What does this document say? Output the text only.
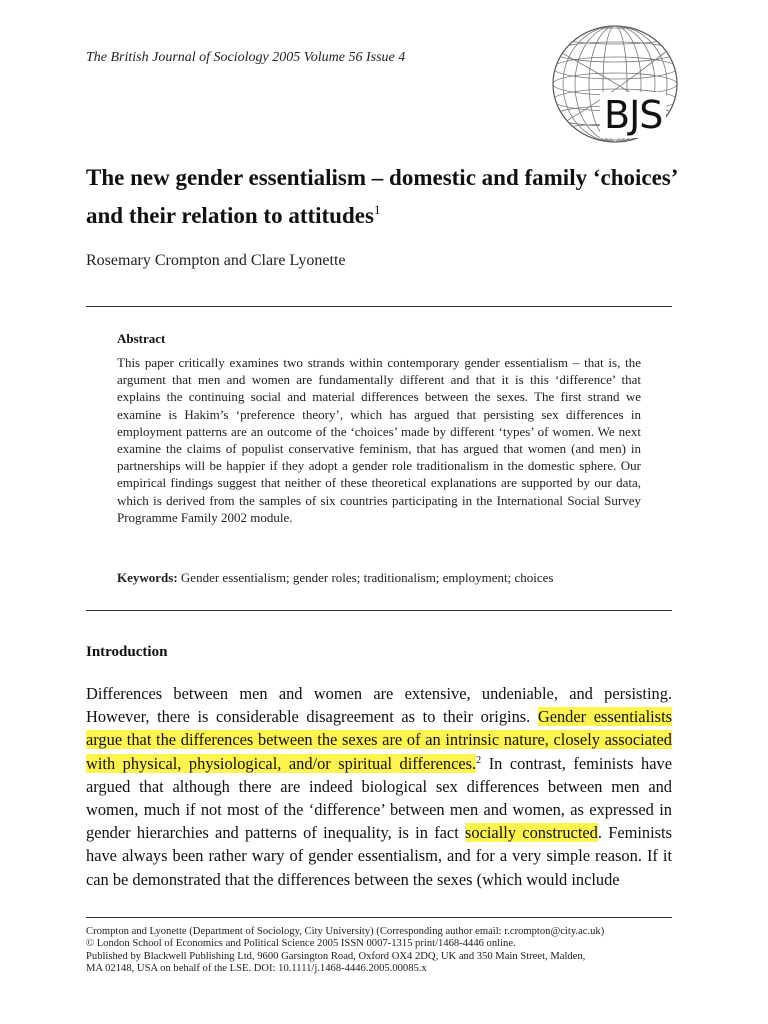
The British Journal of Sociology 2005 Volume 56 Issue 4
BJS
The new gender essentialism – domestic and family ‘choices’ and their relation to attitudes$^1$
Rosemary Crompton and Clare Lyonette
Abstract
This paper critically examines two strands within contemporary gender essentialism – that is, the argument that men and women are fundamentally different and that it is this ‘difference’ that explains the continuing social and material differences between the sexes. The first strand we examine is Hakim’s ‘preference theory’, which has argued that persisting sex differences in employment patterns are an outcome of the ‘choices’ made by different ‘types’ of women. We next examine the claims of populist conservative feminism, that has argued that women (and men) in partnerships will be happier if they adopt a gender role traditionalism in the domestic sphere. Our empirical findings suggest that neither of these theoretical explanations are supported by our data, which is derived from the samples of six countries participating in the International Social Survey Programme Family 2002 module.
Keywords: Gender essentialism; gender roles; traditionalism; employment; choices
Introduction
Differences between men and women are extensive, undeniable, and persisting. However, there is considerable disagreement as to their origins. Gender essentialists argue that the differences between the sexes are of an intrinsic nature, closely associated with physical, physiological, and/or spiritual differences.$^2$ In contrast, feminists have argued that although there are indeed biological sex differences between men and women, much if not most of the ‘difference’ between men and women, as expressed in gender hierarchies and patterns of inequality, is in fact socially constructed. Feminists have always been rather wary of gender essentialism, and for a very simple reason. If it can be demonstrated that the differences between the sexes (which would include
Crompton and Lyonette (Department of Sociology, City University) (Corresponding author email: r.crompton@city.ac.uk)
© London School of Economics and Political Science 2005 ISSN 0007-1315 print/1468-4446 online.
Published by Blackwell Publishing Ltd, 9600 Garsington Road, Oxford OX4 2DQ, UK and 350 Main Street, Malden,
MA 02148, USA on behalf of the LSE. DOI: 10.1111/j.1468-4446.2005.00085.x
